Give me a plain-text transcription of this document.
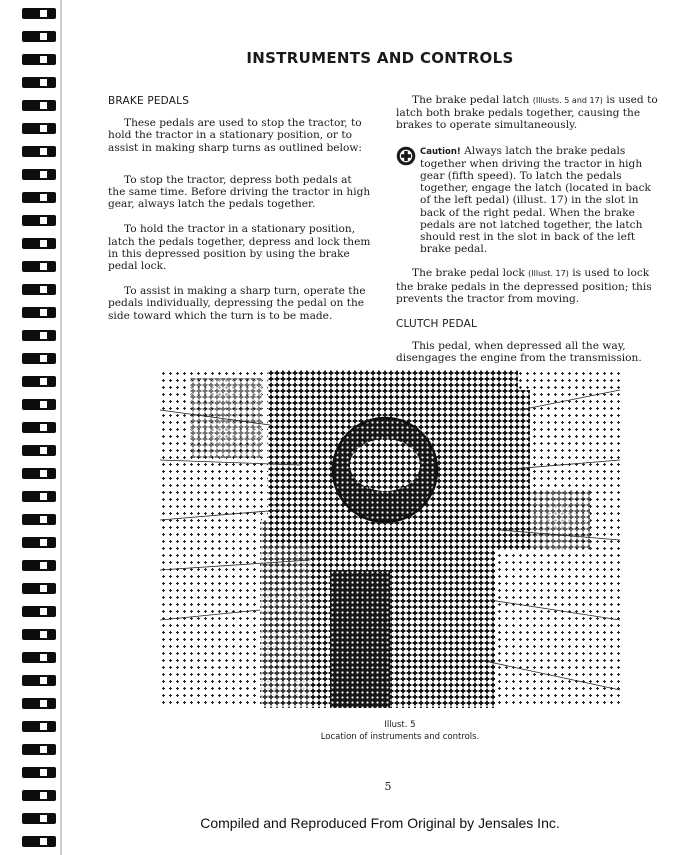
INSTRUMENTS AND CONTROLS
BRAKE PEDALS

These pedals are used to stop the tractor, to hold the tractor in a stationary position, or to assist in making sharp turns as outlined below:

To stop the tractor, depress both pedals at the same time. Before driving the tractor in high gear, always latch the pedals together.

To hold the tractor in a stationary position, latch the pedals together, depress and lock them in this depressed position by using the brake pedal lock.

To assist in making a sharp turn, operate the pedals individually, depressing the pedal on the side toward which the turn is to be made.

The brake pedal latch (Illusts. 5 and 17) is used to latch both brake pedals together, causing the brakes to operate simultaneously.

Caution! Always latch the brake pedals together when driving the tractor in high gear (fifth speed). To latch the pedals together, engage the latch (located in back of the left pedal) (illust. 17) in the slot in back of the right pedal. When the brake pedals are not latched together, the latch should rest in the slot in back of the left brake pedal.

The brake pedal lock (Illust. 17) is used to lock the brake pedals in the depressed position; this prevents the tractor from moving.

CLUTCH PEDAL

This pedal, when depressed all the way, disengages the engine from the transmission.

Illust. 5
Location of instruments and controls.
5
Compiled and Reproduced From Original by Jensales Inc.
